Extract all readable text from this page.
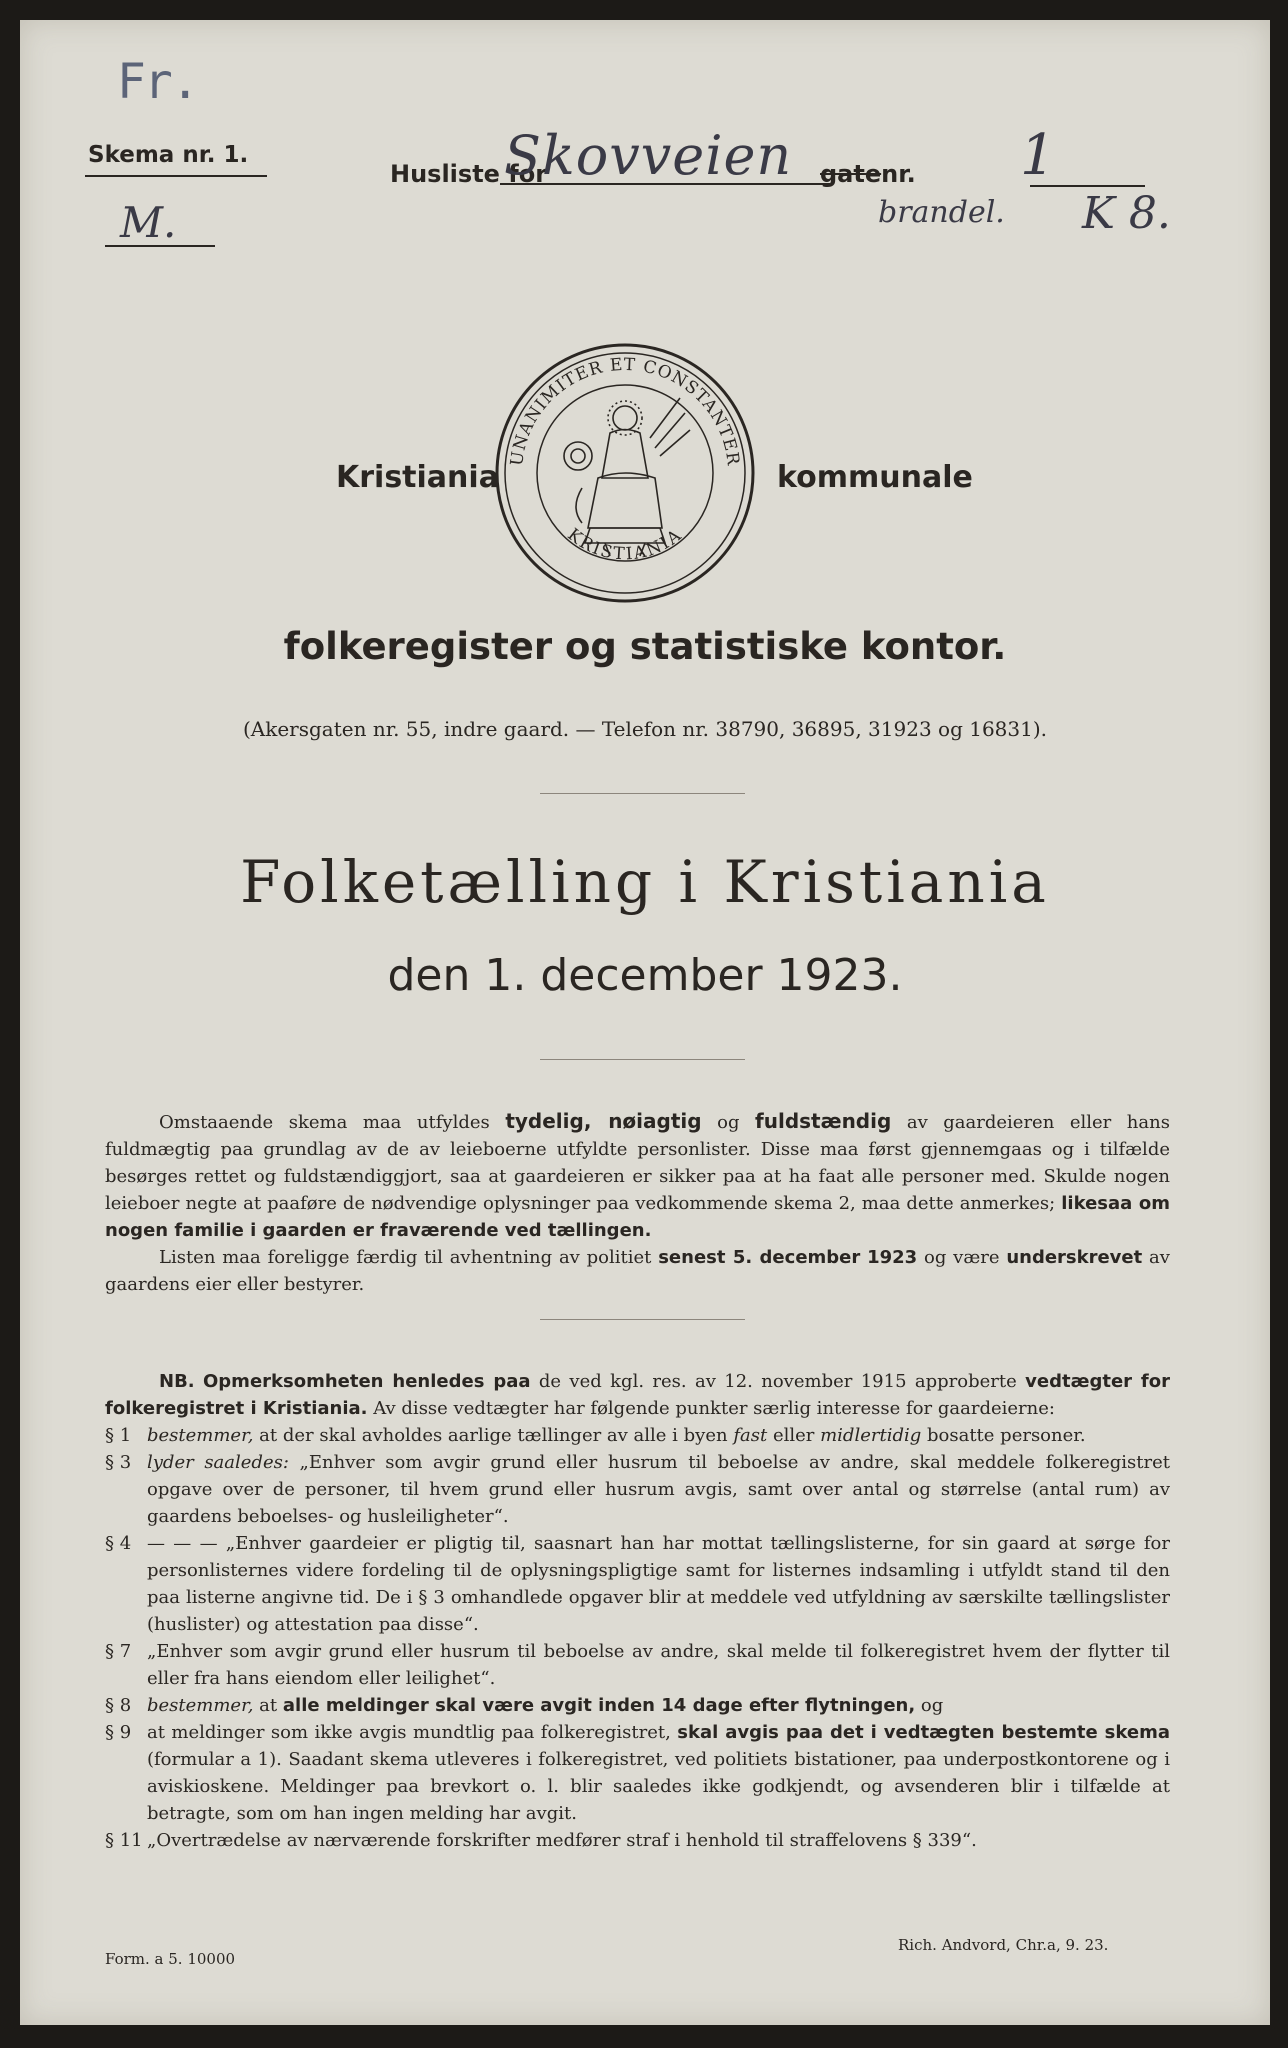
Fr.
Skema nr. 1.
M.
Husliste for
Skovveien gatenr. 1
brandel. K 8.
UNANIMITER ET CONSTANTER
KRISTIANIA
Kristiania	kommunale
folkeregister og statistiske kontor.
(Akersgaten nr. 55, indre gaard. — Telefon nr. 38790, 36895, 31923 og 16831).
Folketælling i Kristiania
den 1. december 1923.

Omstaaende skema maa utfyldes tydelig, nøiagtig og fuldstændig av gaardeieren eller hans fuldmægtig paa grundlag av de av leieboerne utfyldte personlister. Disse maa først gjennemgaas og i tilfælde besørges rettet og fuldstændiggjort, saa at gaardeieren er sikker paa at ha faat alle personer med. Skulde nogen leieboer negte at paaføre de nødvendige oplysninger paa vedkommende skema 2, maa dette anmerkes; likesaa om nogen familie i gaarden er fraværende ved tællingen.

Listen maa foreligge færdig til avhentning av politiet senest 5. december 1923 og være underskrevet av gaardens eier eller bestyrer.

NB. Opmerksomheten henledes paa de ved kgl. res. av 12. november 1915 approberte vedtægter for folkeregistret i Kristiania. Av disse vedtægter har følgende punkter særlig interesse for gaardeierne:

§ 1 bestemmer, at der skal avholdes aarlige tællinger av alle i byen fast eller midlertidig bosatte personer.
§ 3 lyder saaledes: „Enhver som avgir grund eller husrum til beboelse av andre, skal meddele folkeregistret opgave over de personer, til hvem grund eller husrum avgis, samt over antal og størrelse (antal rum) av gaardens beboelses- og husleiligheter“.
§ 4 — — — „Enhver gaardeier er pligtig til, saasnart han har mottat tællingslisterne, for sin gaard at sørge for personlisternes videre fordeling til de oplysningspligtige samt for listernes indsamling i utfyldt stand til den paa listerne angivne tid. De i § 3 omhandlede opgaver blir at meddele ved utfyldning av særskilte tællingslister (huslister) og attestation paa disse“.
§ 7 „Enhver som avgir grund eller husrum til beboelse av andre, skal melde til folkeregistret hvem der flytter til eller fra hans eiendom eller leilighet“.
§ 8 bestemmer, at alle meldinger skal være avgit inden 14 dage efter flytningen, og
§ 9 at meldinger som ikke avgis mundtlig paa folkeregistret, skal avgis paa det i vedtægten bestemte skema (formular a 1). Saadant skema utleveres i folkeregistret, ved politiets bistationer, paa underpostkontorene og i aviskioskene. Meldinger paa brevkort o. l. blir saaledes ikke godkjendt, og avsenderen blir i tilfælde at betragte, som om han ingen melding har avgit.
§ 11 „Overtrædelse av nærværende forskrifter medfører straf i henhold til straffelovens § 339“.
Form. a 5. 10000
Rich. Andvord, Chr.a, 9. 23.
